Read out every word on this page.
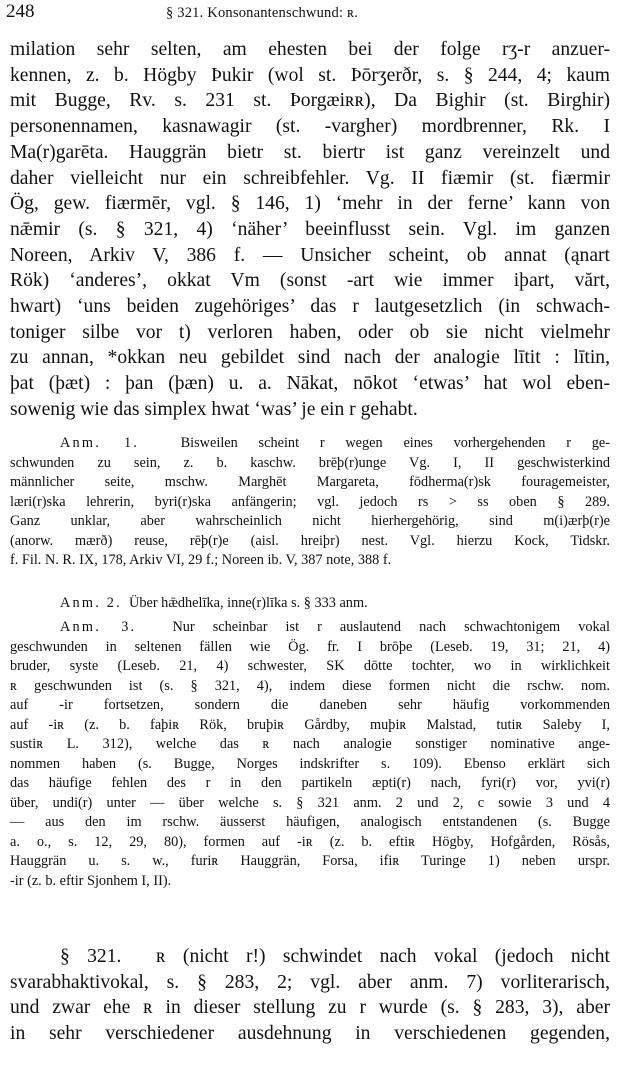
248	§ 321. Konsonantenschwund: ʀ.
milation sehr selten, am ehesten bei der folge rʒ-r anzuer-
kennen, z. b. Högby Þukir (wol st. Þōrʒerðr, s. § 244, 4; kaum
mit Bugge, Rv. s. 231 st. Þorgæiʀʀ), Da Bighir (st. Birghir)
personennamen, kasnawagir (st. -vargher) mordbrenner, Rk. I
Ma(r)garēta. Hauggrän bietr st. biertr ist ganz vereinzelt und
daher vielleicht nur ein schreibfehler. Vg. II fiæmir (st. fiærmir
Ög, gew. fiærmēr, vgl. § 146, 1) ‘mehr in der ferne’ kann von
nǣmir (s. § 321, 4) ‘näher’ beeinflusst sein. Vgl. im ganzen
Noreen, Arkiv V, 386 f. — Unsicher scheint, ob annat (ąnart
Rök) ‘anderes’, okkat Vm (sonst -art wie immer iþart, vărt,
hwart) ‘uns beiden zugehöriges’ das r lautgesetzlich (in schwach-
toniger silbe vor t) verloren haben, oder ob sie nicht vielmehr
zu annan, *okkan neu gebildet sind nach der analogie lītit : lītin,
þat (þæt) : þan (þæn) u. a. Nākat, nōkot ‘etwas’ hat wol eben-
sowenig wie das simplex hwat ‘was’ je ein r gehabt.
Anm. 1.	Bisweilen scheint r wegen eines vorhergehenden r ge-
schwunden zu sein, z. b. kaschw. brēþ(r)unge Vg. I, II geschwisterkind
männlicher seite, mschw. Marghēt Margareta, fōdherma(r)sk fouragemeister,
læri(r)ska lehrerin, byri(r)ska anfängerin; vgl. jedoch rs > ss oben § 289.
Ganz unklar, aber wahrscheinlich nicht hierhergehörig, sind m(i)ærþ(r)e
(anorw. mærð) reuse, rēþ(r)e (aisl. hreiþr) nest. Vgl. hierzu Kock, Tidskr.
f. Fil. N. R. IX, 178, Arkiv VI, 29 f.; Noreen ib. V, 387 note, 388 f.
Anm. 2. Über hǣdhelīka, inne(r)līka s. § 333 anm.
Anm. 3.	Nur scheinbar ist r auslautend nach schwachtonigem vokal
geschwunden in seltenen fällen wie Ög. fr. I brōþe (Leseb. 19, 31; 21, 4)
bruder, syste (Leseb. 21, 4) schwester, SK dōtte tochter, wo in wirklichkeit
ʀ geschwunden ist (s. § 321, 4), indem diese formen nicht die rschw. nom.
auf -ir fortsetzen, sondern die daneben sehr häufig vorkommenden
auf -iʀ (z. b. faþiʀ Rök, bruþiʀ Gårdby, muþiʀ Malstad, tutiʀ Saleby I,
sustiʀ L. 312), welche das ʀ nach analogie sonstiger nominative ange-
nommen haben (s. Bugge, Norges indskrifter s. 109). Ebenso erklärt sich
das häufige fehlen des r in den partikeln æpti(r) nach, fyri(r) vor, yvi(r)
über, undi(r) unter — über welche s. § 321 anm. 2 und 2, c sowie 3 und 4
— aus den im rschw. äusserst häufigen, analogisch entstandenen (s. Bugge
a. o., s. 12, 29, 80), formen auf -iʀ (z. b. eftiʀ Högby, Hofgården, Rösås,
Hauggrän u. s. w., furiʀ Hauggrän, Forsa, ifiʀ Turinge 1) neben urspr.
-ir (z. b. eftir Sjonhem I, II).
§ 321. ʀ (nicht r!) schwindet nach vokal (jedoch nicht
svarabhaktivokal, s. § 283, 2; vgl. aber anm. 7) vorliterarisch,
und zwar ehe ʀ in dieser stellung zu r wurde (s. § 283, 3), aber
in sehr verschiedener ausdehnung in verschiedenen gegenden,
